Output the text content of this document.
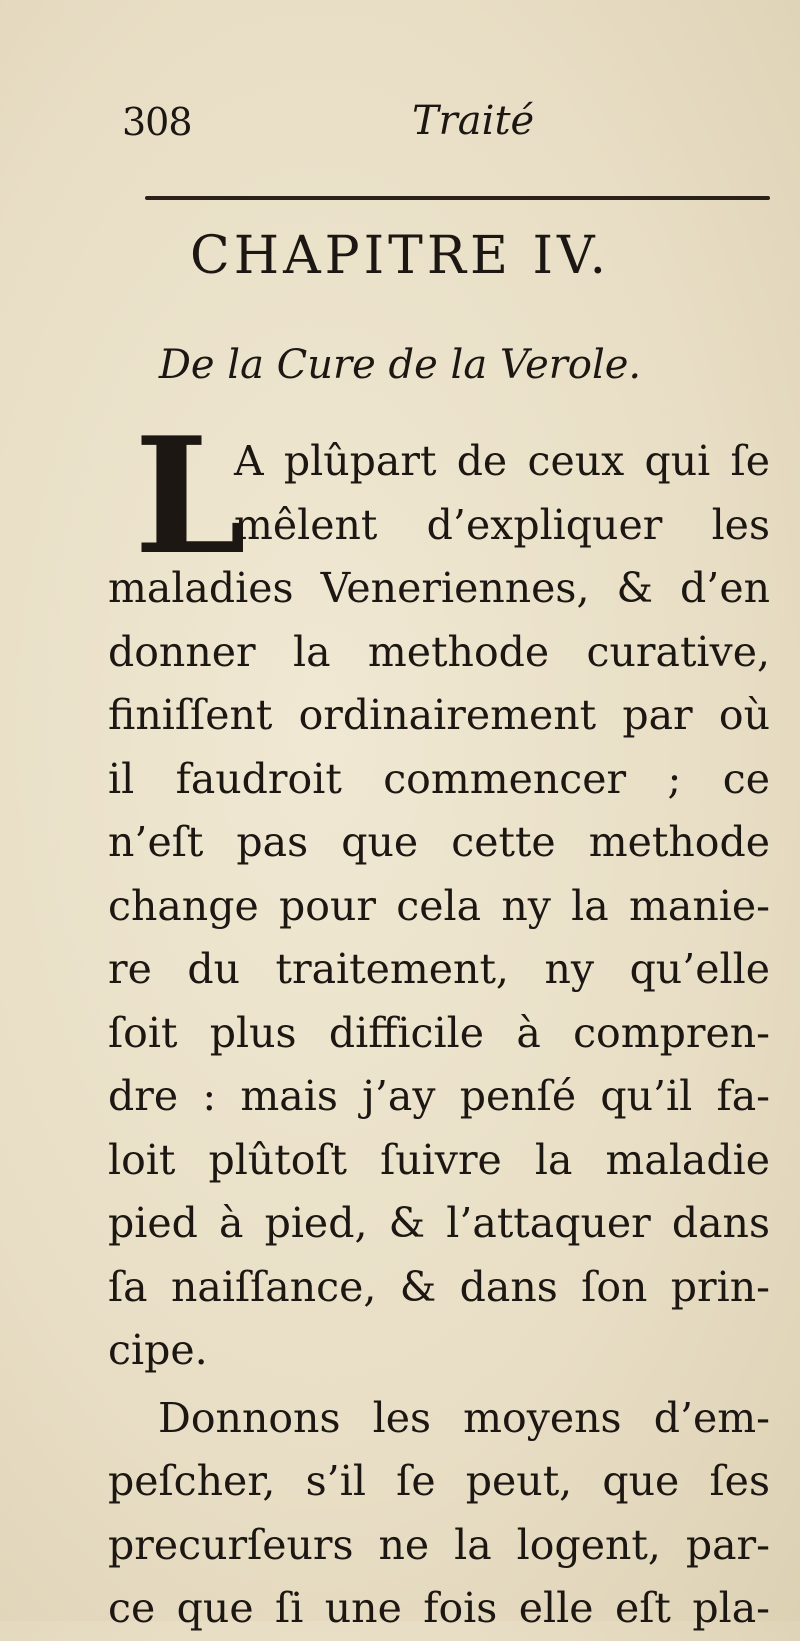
308	Traité
CHAPITRE IV.
De la Cure de la Verole.
L
A plûpart de ceux qui ſe
mêlent d’expliquer les
maladies Veneriennes, & d’en
donner la methode curative,
finiſſent ordinairement par où
il faudroit commencer ; ce
n’eſt pas que cette methode
change pour cela ny la manie-
re du traitement, ny qu’elle
ſoit plus difficile à compren-
dre : mais j’ay penſé qu’il fa-
loit plûtoſt ſuivre la maladie
pied à pied, & l’attaquer dans
ſa naiſſance, & dans ſon prin-
cipe.
Donnons les moyens d’em-
peſcher, s’il ſe peut, que ſes
precurſeurs ne la logent, par-
ce que ſi une fois elle eſt pla-
